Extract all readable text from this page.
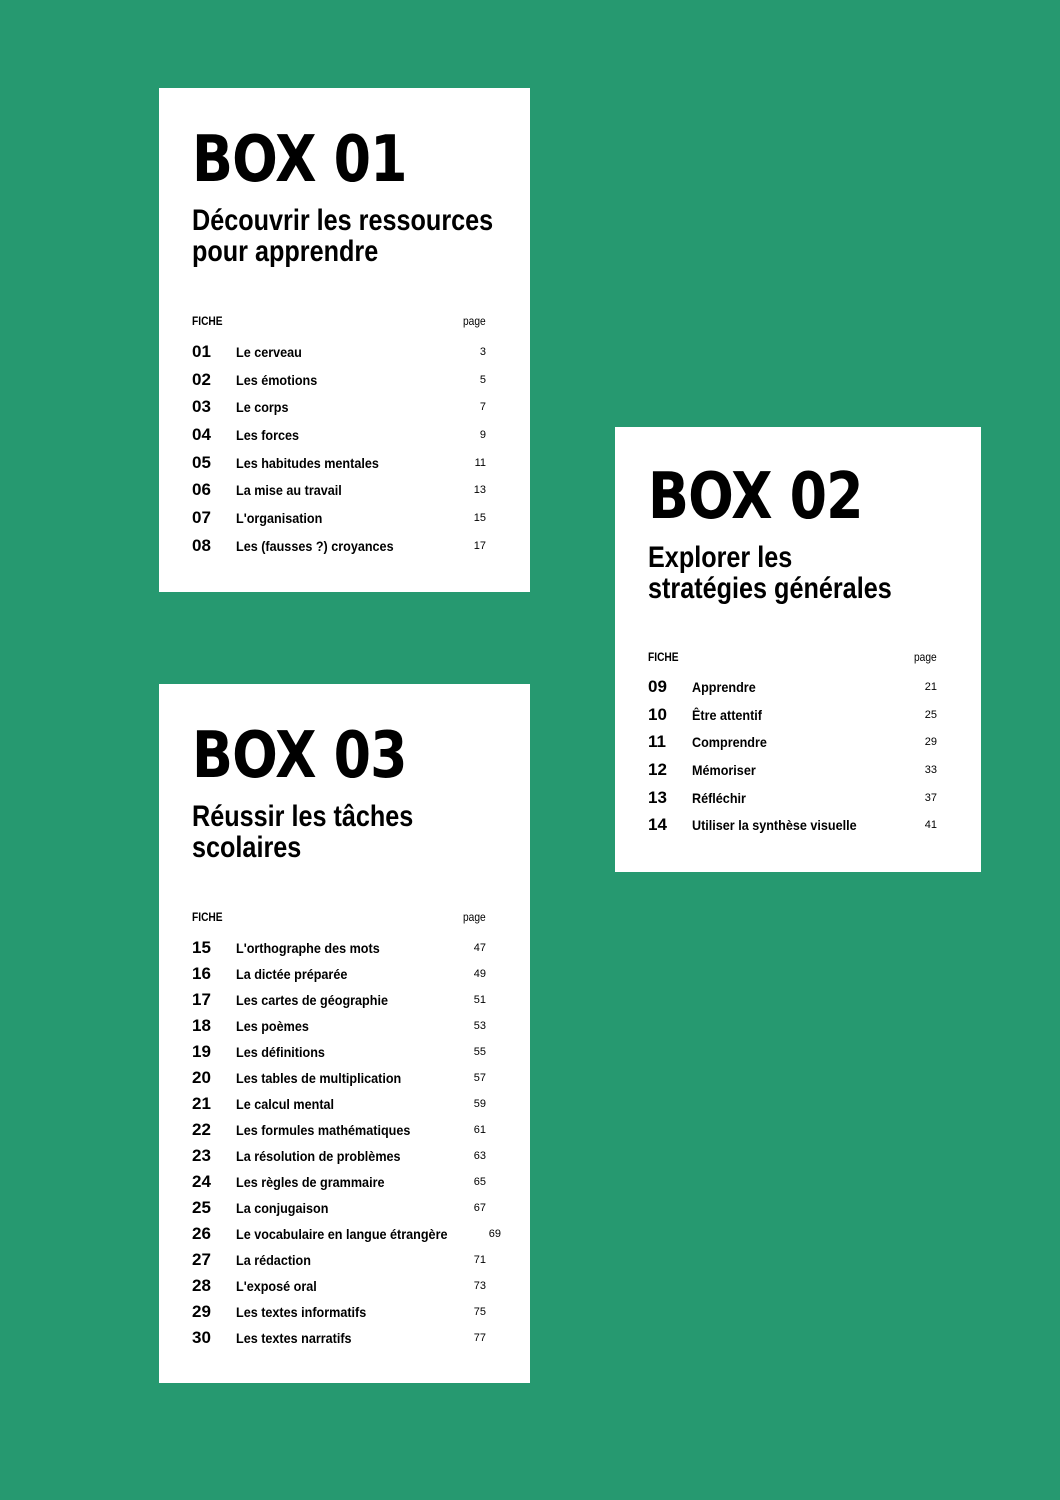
BOX 01
Découvrir les ressources
pour apprendre
FICHE	page
01	Le cerveau	3
02	Les émotions	5
03	Le corps	7
04	Les forces	9
05	Les habitudes mentales	11
06	La mise au travail	13
07	L'organisation	15
08	Les (fausses ?) croyances	17
BOX 02
Explorer les
stratégies générales
FICHE	page
09	Apprendre	21
10	Être attentif	25
11	Comprendre	29
12	Mémoriser	33
13	Réfléchir	37
14	Utiliser la synthèse visuelle	41
BOX 03
Réussir les tâches
scolaires
FICHE	page
15	L'orthographe des mots	47
16	La dictée préparée	49
17	Les cartes de géographie	51
18	Les poèmes	53
19	Les définitions	55
20	Les tables de multiplication	57
21	Le calcul mental	59
22	Les formules mathématiques	61
23	La résolution de problèmes	63
24	Les règles de grammaire	65
25	La conjugaison	67
26	Le vocabulaire en langue étrangère	69
27	La rédaction	71
28	L'exposé oral	73
29	Les textes informatifs	75
30	Les textes narratifs	77
